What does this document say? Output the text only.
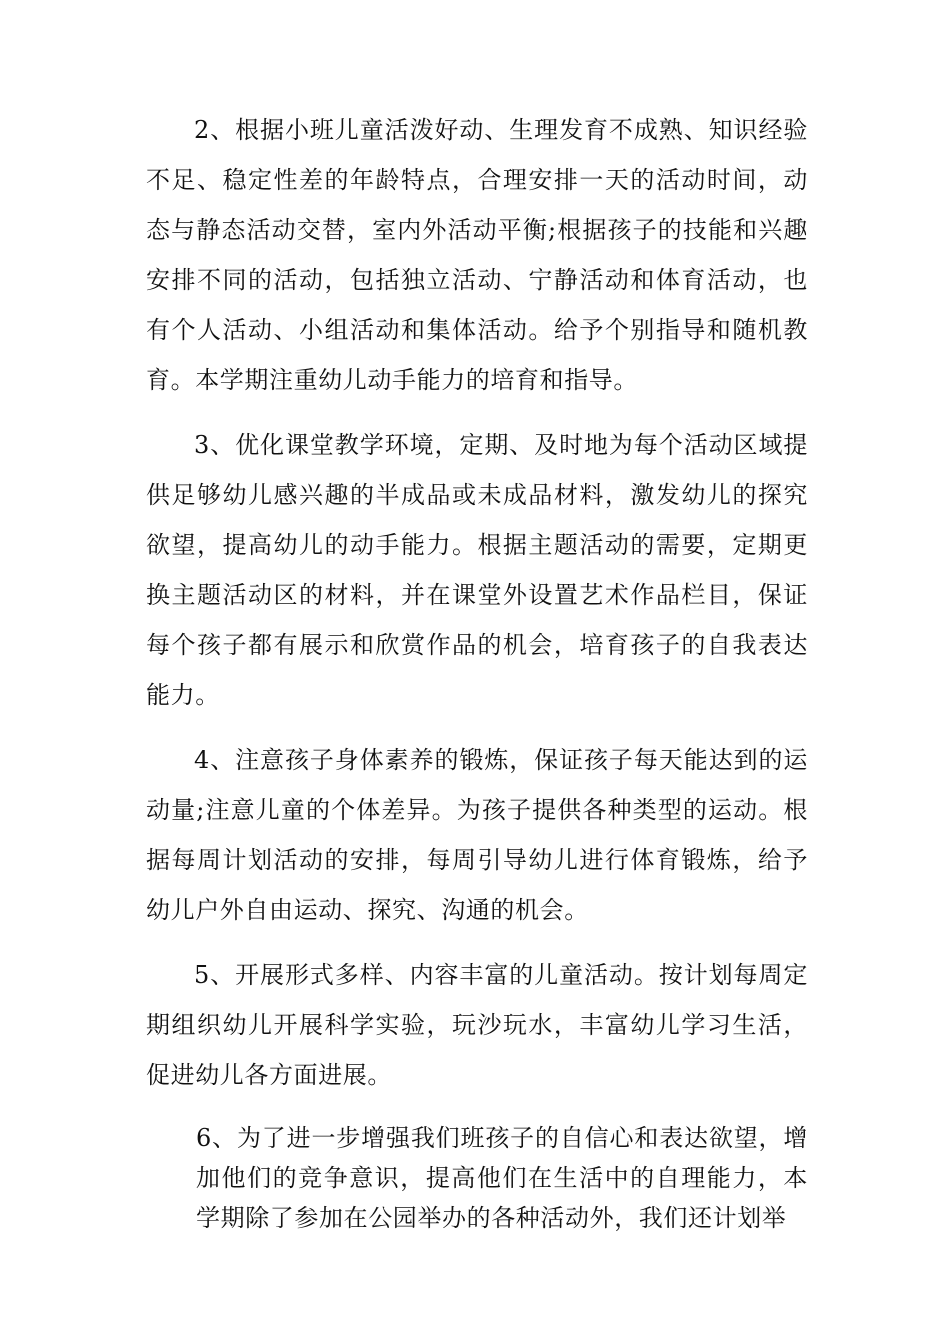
2、根据小班儿童活泼好动、生理发育不成熟、知识经验不足、稳定性差的年龄特点，合理安排一天的活动时间，动态与静态活动交替，室内外活动平衡;根据孩子的技能和兴趣安排不同的活动，包括独立活动、宁静活动和体育活动，也有个人活动、小组活动和集体活动。给予个别指导和随机教育。本学期注重幼儿动手能力的培育和指导。

3、优化课堂教学环境，定期、及时地为每个活动区域提供足够幼儿感兴趣的半成品或未成品材料，激发幼儿的探究欲望，提高幼儿的动手能力。根据主题活动的需要，定期更换主题活动区的材料，并在课堂外设置艺术作品栏目，保证每个孩子都有展示和欣赏作品的机会，培育孩子的自我表达能力。

4、注意孩子身体素养的锻炼，保证孩子每天能达到的运动量;注意儿童的个体差异。为孩子提供各种类型的运动。根据每周计划活动的安排，每周引导幼儿进行体育锻炼，给予幼儿户外自由运动、探究、沟通的机会。

5、开展形式多样、内容丰富的儿童活动。按计划每周定期组织幼儿开展科学实验，玩沙玩水，丰富幼儿学习生活，促进幼儿各方面进展。

6、为了进一步增强我们班孩子的自信心和表达欲望，增加他们的竞争意识，提高他们在生活中的自理能力，本学期除了参加在公园举办的各种活动外，我们还计划举
